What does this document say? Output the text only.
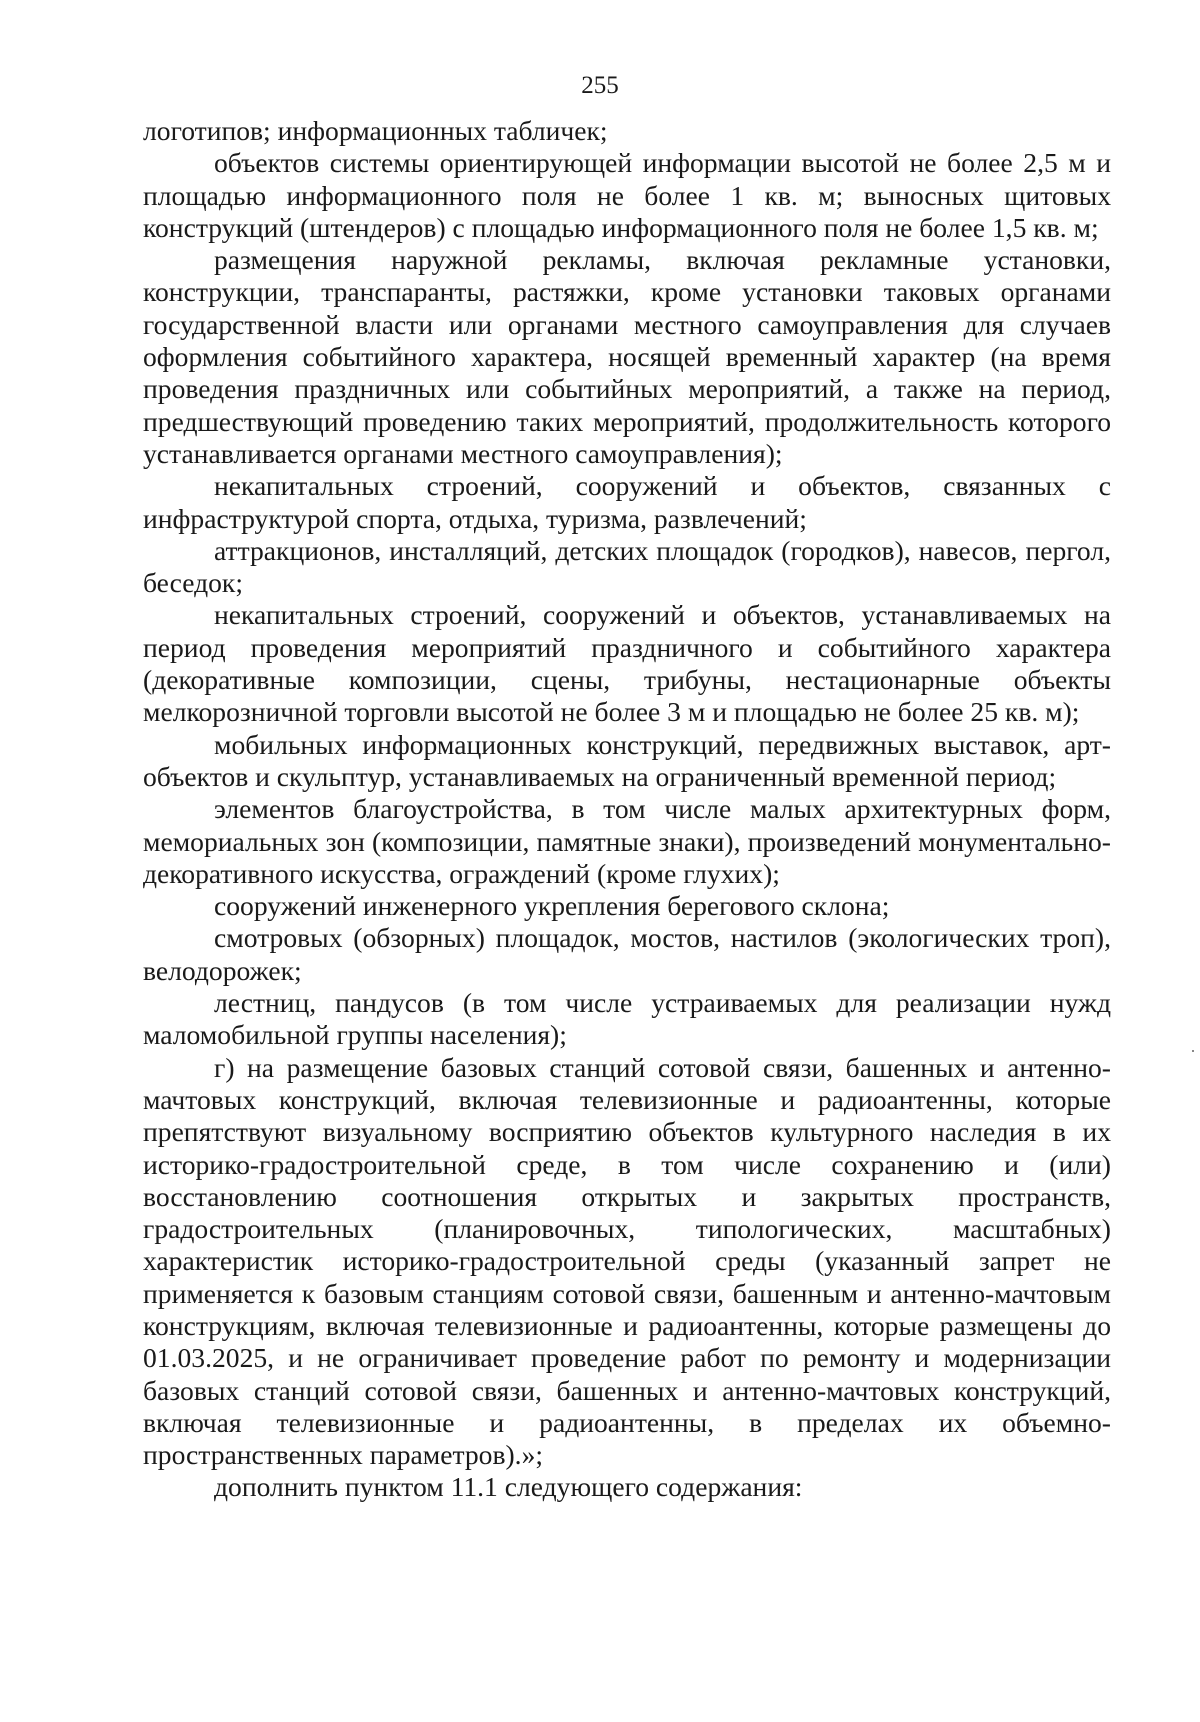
255

логотипов; информационных табличек;

объектов системы ориентирующей информации высотой не более 2,5 м и площадью информационного поля не более 1 кв. м; выносных щитовых конструкций (штендеров) с площадью информационного поля не более 1,5 кв. м;

размещения наружной рекламы, включая рекламные установки, конструкции, транспаранты, растяжки, кроме установки таковых органами государственной власти или органами местного самоуправления для случаев оформления событийного характера, носящей временный характер (на время проведения праздничных или событийных мероприятий, а также на период, предшествующий проведению таких мероприятий, продолжительность которого устанавливается органами местного самоуправления);

некапитальных строений, сооружений и объектов, связанных с инфраструктурой спорта, отдыха, туризма, развлечений;

аттракционов, инсталляций, детских площадок (городков), навесов, пергол, беседок;

некапитальных строений, сооружений и объектов, устанавливаемых на период проведения мероприятий праздничного и событийного характера (декоративные композиции, сцены, трибуны, нестационарные объекты мелкорозничной торговли высотой не более 3 м и площадью не более 25 кв. м);

мобильных информационных конструкций, передвижных выставок, арт-объектов и скульптур, устанавливаемых на ограниченный временной период;

элементов благоустройства, в том числе малых архитектурных форм, мемориальных зон (композиции, памятные знаки), произведений монументально-декоративного искусства, ограждений (кроме глухих);

сооружений инженерного укрепления берегового склона;

смотровых (обзорных) площадок, мостов, настилов (экологических троп), велодорожек;

лестниц, пандусов (в том числе устраиваемых для реализации нужд маломобильной группы населения);

г) на размещение базовых станций сотовой связи, башенных и антенно-мачтовых конструкций, включая телевизионные и радиоантенны, которые препятствуют визуальному восприятию объектов культурного наследия в их историко-градостроительной среде, в том числе сохранению и (или) восстановлению соотношения открытых и закрытых пространств, градостроительных (планировочных, типологических, масштабных) характеристик историко-градостроительной среды (указанный запрет не применяется к базовым станциям сотовой связи, башенным и антенно-мачтовым конструкциям, включая телевизионные и радиоантенны, которые размещены до 01.03.2025, и не ограничивает проведение работ по ремонту и модернизации базовых станций сотовой связи, башенных и антенно-мачтовых конструкций, включая телевизионные и радиоантенны, в пределах их объемно-пространственных параметров).»;

дополнить пунктом 11.1 следующего содержания:
